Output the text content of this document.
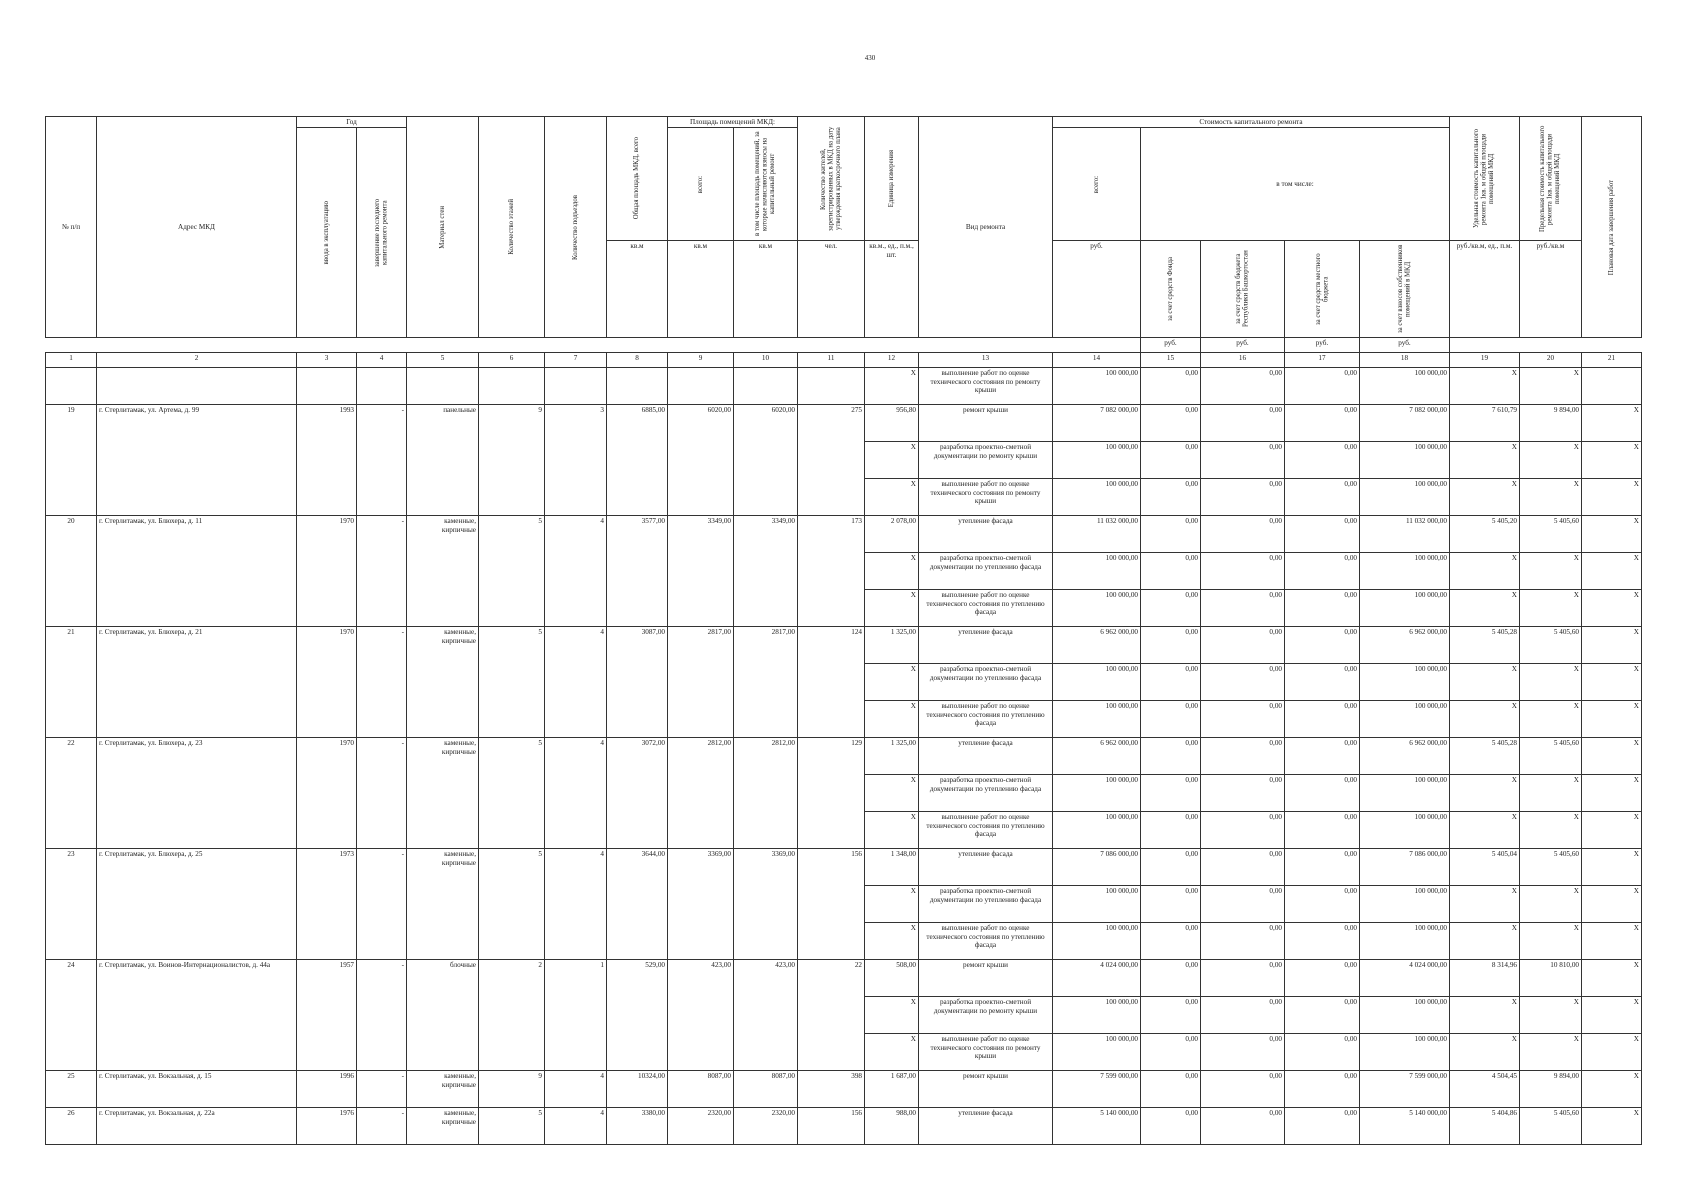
430
№ п/п	Адрес МКД	Год		Материал стен	Количество этажей	Количество подъездов	Общая площадь МКД, всего	Площадь помещений МКД:		Количество жителей, зарегистрированных в МКД на дату утверждения краткосрочного плана	Единица измерения	Вид ремонта	Стоимость капитального ремонта					Удельная стоимость капитального ремонта 1кв. м общей площади помещений МКД	Предельная стоимость капитального ремонта 1кв. м общей площади помещений МКД	Плановая дата завершения работ

		ввода в эксплуатацию	завершение последнего капитального ремонта					всего:	в том числе площадь помещений, за которые начисляются взносы на капитальный ремонт				всего:	в том числе:						
							кв.м	кв.м	кв.м	чел.	кв.м., ед., п.м., шт.		руб.	за счет средств Фонда	за счет средств бюджета Республики Башкортостан	за счет средств местного бюджета	за счет взносов собственников помещений в МКД	руб./кв.м, ед., п.м.	руб./кв.м	
														руб.	руб.	руб.	руб.			
1	2	3	4	5	6	7	8	9	10	11	12	13	14	15	16	17	18	19	20	21
											X	выполнение работ по оценке технического состояния по ремонту крыши	100 000,00	0,00	0,00	0,00	100 000,00	X	X	
19	г. Стерлитамак, ул. Артема, д. 99	1993	-	панельные	9	3	6885,00	6020,00	6020,00	275	956,80	ремонт крыши	7 082 000,00	0,00	0,00	0,00	7 082 000,00	7 610,79	9 894,00	X
											X	разработка проектно-сметной документации по ремонту крыши	100 000,00	0,00	0,00	0,00	100 000,00	X	X	X
											X	выполнение работ по оценке технического состояния по ремонту крыши	100 000,00	0,00	0,00	0,00	100 000,00	X	X	X
20	г. Стерлитамак, ул. Блюхера, д. 11	1970	-	каменные, кирпичные	5	4	3577,00	3349,00	3349,00	173	2 078,00	утепление фасада	11 032 000,00	0,00	0,00	0,00	11 032 000,00	5 405,20	5 405,60	X
											X	разработка проектно-сметной документации по утеплению фасада	100 000,00	0,00	0,00	0,00	100 000,00	X	X	X
											X	выполнение работ по оценке технического состояния по утеплению фасада	100 000,00	0,00	0,00	0,00	100 000,00	X	X	X
21	г. Стерлитамак, ул. Блюхера, д. 21	1970	-	каменные, кирпичные	5	4	3087,00	2817,00	2817,00	124	1 325,00	утепление фасада	6 962 000,00	0,00	0,00	0,00	6 962 000,00	5 405,28	5 405,60	X
											X	разработка проектно-сметной документации по утеплению фасада	100 000,00	0,00	0,00	0,00	100 000,00	X	X	X
											X	выполнение работ по оценке технического состояния по утеплению фасада	100 000,00	0,00	0,00	0,00	100 000,00	X	X	X
22	г. Стерлитамак, ул. Блюхера, д. 23	1970	-	каменные, кирпичные	5	4	3072,00	2812,00	2812,00	129	1 325,00	утепление фасада	6 962 000,00	0,00	0,00	0,00	6 962 000,00	5 405,28	5 405,60	X
											X	разработка проектно-сметной документации по утеплению фасада	100 000,00	0,00	0,00	0,00	100 000,00	X	X	X
											X	выполнение работ по оценке технического состояния по утеплению фасада	100 000,00	0,00	0,00	0,00	100 000,00	X	X	X
23	г. Стерлитамак, ул. Блюхера, д. 25	1973	-	каменные, кирпичные	5	4	3644,00	3369,00	3369,00	156	1 348,00	утепление фасада	7 086 000,00	0,00	0,00	0,00	7 086 000,00	5 405,04	5 405,60	X
											X	разработка проектно-сметной документации по утеплению фасада	100 000,00	0,00	0,00	0,00	100 000,00	X	X	X
											X	выполнение работ по оценке технического состояния по утеплению фасада	100 000,00	0,00	0,00	0,00	100 000,00	X	X	X
24	г. Стерлитамак, ул. Воинов-Интернационалистов, д. 44а	1957	-	блочные	2	1	529,00	423,00	423,00	22	508,00	ремонт крыши	4 024 000,00	0,00	0,00	0,00	4 024 000,00	8 314,96	10 810,00	X
											X	разработка проектно-сметной документации по ремонту крыши	100 000,00	0,00	0,00	0,00	100 000,00	X	X	X
											X	выполнение работ по оценке технического состояния по ремонту крыши	100 000,00	0,00	0,00	0,00	100 000,00	X	X	X
25	г. Стерлитамак, ул. Вокзальная, д. 15	1996	-	каменные, кирпичные	9	4	10324,00	8087,00	8087,00	398	1 687,00	ремонт крыши	7 599 000,00	0,00	0,00	0,00	7 599 000,00	4 504,45	9 894,00	X
26	г. Стерлитамак, ул. Вокзальная, д. 22а	1976	-	каменные, кирпичные	5	4	3380,00	2320,00	2320,00	156	988,00	утепление фасада	5 140 000,00	0,00	0,00	0,00	5 140 000,00	5 404,86	5 405,60	X
